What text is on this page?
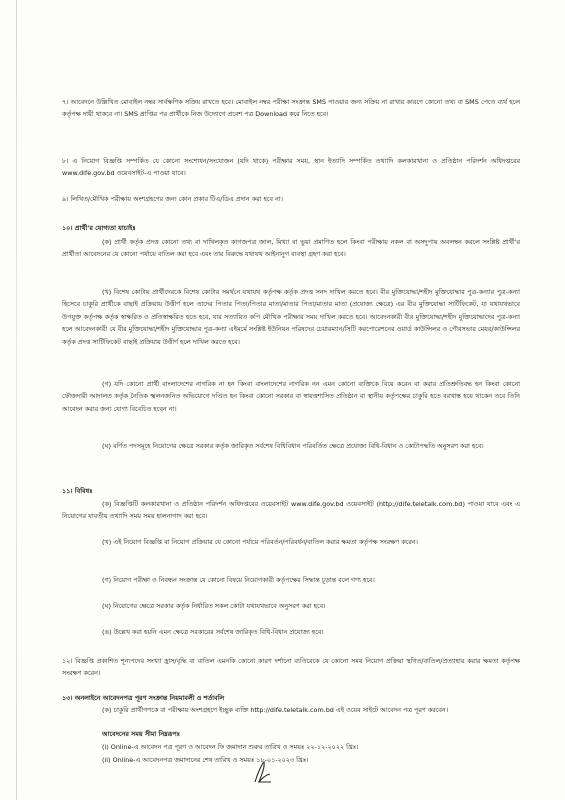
৭। আবেদনে উল্লিখিত মোবাইল নম্বর সার্বক্ষণিক সক্রিয় রাখতে হবে। মোবাইল নম্বর পরীক্ষা সংক্রান্ত SMS পাওয়ার জন্য সক্রিয় না রাখার কারণে কোনো তথ্য বা SMS পেতে ব্যর্থ হলে কর্তৃপক্ষ দায়ী থাকবে না। SMS প্রাপ্তির পর প্রার্থীকে নিজ উদ্যোগে প্রবেশ পত্র Download করে নিতে হবে।
৮। এ নিয়োগ বিজ্ঞপ্তি সম্পর্কিত যে কোনো সংশোধন/সংযোজন (যদি থাকে) পরীক্ষার সময়, স্থান ইত্যাদি সম্পর্কিত তথ্যাদি কলকারখানা ও প্রতিষ্ঠান পরিদর্শন অধিদপ্তরের www.dife.gov.bd ওয়েবসাইট-এ পাওয়া যাবে।
৯। লিখিত/মৌখিক পরীক্ষায় অংশগ্রহণের জন্য কোন প্রকার টিএ/ডিএ প্রদান করা হবে না।
১০। প্রার্থী'র যোগ্যতা যাচাইঃ
(ক) প্রার্থী কর্তৃক প্রদত্ত কোনো তথ্য বা দাখিলকৃত কাগজপত্র জাল, মিথ্যা বা ভুয়া প্রমাণিত হলে কিংবা পরীক্ষায় নকল বা অসদুপায় অবলম্বন করলে সংশ্লিষ্ট প্রার্থী'র প্রার্থীতা আবেদনের যে কোনো পর্যায়ে বাতিল করা হবে এবং তার বিরুদ্ধে যথাযথ আইনানুগ ব্যবস্থা গ্রহণ করা হবে।
(খ) বিশেষ কোটায় প্রার্থীদেরকে বিশেষ কোটার সমর্থনে যথাযথ কর্তৃপক্ষ কর্তৃক প্রদত্ত সনদ দাখিল করতে হবে। বীর মুক্তিযোদ্ধা/শহীদ মুক্তিযোদ্ধার পুত্র-কন্যার পুত্র-কন্যা হিসেবে চাকুরি প্রার্থীকে বাছাই প্রক্রিয়ায় উত্তীর্ণ হলে তাদের পিতার পিতা/পিতার মাতা/মাতার পিতা/মাতার মাতা (প্রযোজ্য ক্ষেত্রে) এর বীর মুক্তিযোদ্ধা সার্টিফিকেট, যা যথাযথভাবে উপযুক্ত কর্তৃপক্ষ কর্তৃক স্বাক্ষরিত ও প্রতিস্বাক্ষরিত হতে হবে, যার সত্যায়িত কপি মৌখিক পরীক্ষার সময় দাখিল করতে হবে। আবেদনকারী বীর মুক্তিযোদ্ধা/শহীদ মুক্তিযোদ্ধাদের পুত্র-কন্যা হলে আবেদনকারী যে বীর মুক্তিযোদ্ধা/শহীদ মুক্তিযোদ্ধার পুত্র-কন্যা এইমর্মে সংশ্লিষ্ট ইউনিয়ন পরিষদের চেয়ারম্যান/সিটি করপোরেশনের ওয়ার্ড কাউন্সিলর ও পৌরসভার মেয়র/কাউন্সিলর কর্তৃক প্রদত্ত সার্টিফিকেট বাছাই প্রক্রিয়ায় উত্তীর্ণ হলে দাখিল করতে হবে।
(গ) যদি কোনো প্রার্থী বাংলাদেশের নাগরিক না হন কিংবা বাংলাদেশের নাগরিক নন এমন কোনো ব্যক্তিকে বিয়ে করেন বা করার প্রতিশ্রুতিবদ্ধ হন কিংবা কোনো ফৌজদারী আদালত কর্তৃক নৈতিক স্খলনজনিত অভিযোগে দণ্ডিত হন কিংবা কোনো সরকার বা স্বায়ত্তশাসিত প্রতিষ্ঠান বা স্থানীয় কর্তৃপক্ষের চাকুরি হতে বরখাস্ত হয়ে থাকেন তবে তিনি আবেদন করার জন্য যোগ্য বিবেচিত হবেন না।
(ঘ) বর্ণিত পদসমূহে নিয়োগের ক্ষেত্রে সরকার কর্তৃক জারিকৃত সর্বশেষ বিধিবিধান পরিবর্তিত ক্ষেত্রে প্রযোজ্য বিধি-বিধান ও কোটাপদ্ধতি অনুসরণ করা হবে।
১১। বিবিধঃ
(ক) বিজ্ঞপ্তিটি কলকারখানা ও প্রতিষ্ঠান পরিদর্শন অধিদপ্তরের ওয়েবসাইট www.dife.gov.bd ওয়েবসাইট (http://dife.teletalk.com.bd) পাওয়া যাবে এবং এ নিয়োগের যাবতীয় তথ্যাদি সময় সময় হালনাগাদ করা হবে।
(খ) এই নিয়োগ বিজ্ঞপ্তি বা নিয়োগ প্রক্রিয়ার যে কোনো পর্যায়ে পরিবর্তন/পরিবর্ধন/বাতিল করার ক্ষমতা কর্তৃপক্ষ সংরক্ষণ করেন।
(গ) নিয়োগ পরীক্ষা ও নিবন্ধন সংক্রান্ত যে কোনো বিষয়ে নিয়োগকারী কর্তৃপক্ষের সিদ্ধান্ত চূড়ান্ত বলে গণ্য হবে।
(ঘ) নিয়োগের ক্ষেত্রে সরকার কর্তৃক নির্ধারিত সকল কোটা যথাযথভাবে অনুসরণ করা হবে।
(ঙ) উল্লেখ করা হয়নি এমন ক্ষেত্রে সরকারের সর্বশেষ জারিকৃত বিধি-বিধান প্রযোজ্য হবে।
১২। বিজ্ঞপ্তি প্রকাশিত শূন্যপদের সংখ্যা হ্রাস/বৃদ্ধি বা বাতিল এমনকি কোনো কারণ দর্শানো ব্যতিরেকে যে কোনো সময় নিয়োগ প্রক্রিয়া স্থগিত/বাতিল/প্রত্যাহার করার ক্ষমতা কর্তৃপক্ষ সংরক্ষণ করেন।
১৩। অনলাইনে আবেদনপত্র পূরণ সংক্রান্ত নিয়মাবলী ও শর্তাবলি
(ক) চাকুরি প্রার্থীগণকে বা পরীক্ষায় অংশগ্রহণে ইচ্ছুক ব্যক্তি http://dife.teletalk.com.bd এই ওয়েব সাইটে আবেদন পত্র পূরণ করবেন।
আবেদনের সময় সীমা নিম্নরূপঃ
(i) Online-এ আবেদন পত্র পূরণ ও আবেদন ফি জমাদান শুরুর তারিখ ও সময়ঃ ২২-১২-২০২২ খ্রিঃ।
(ii) Online-এ আবেদনপত্র জমাদানের শেষ তারিখ ও সময়ঃ ১৮-০১-২০২৩ খ্রিঃ।
